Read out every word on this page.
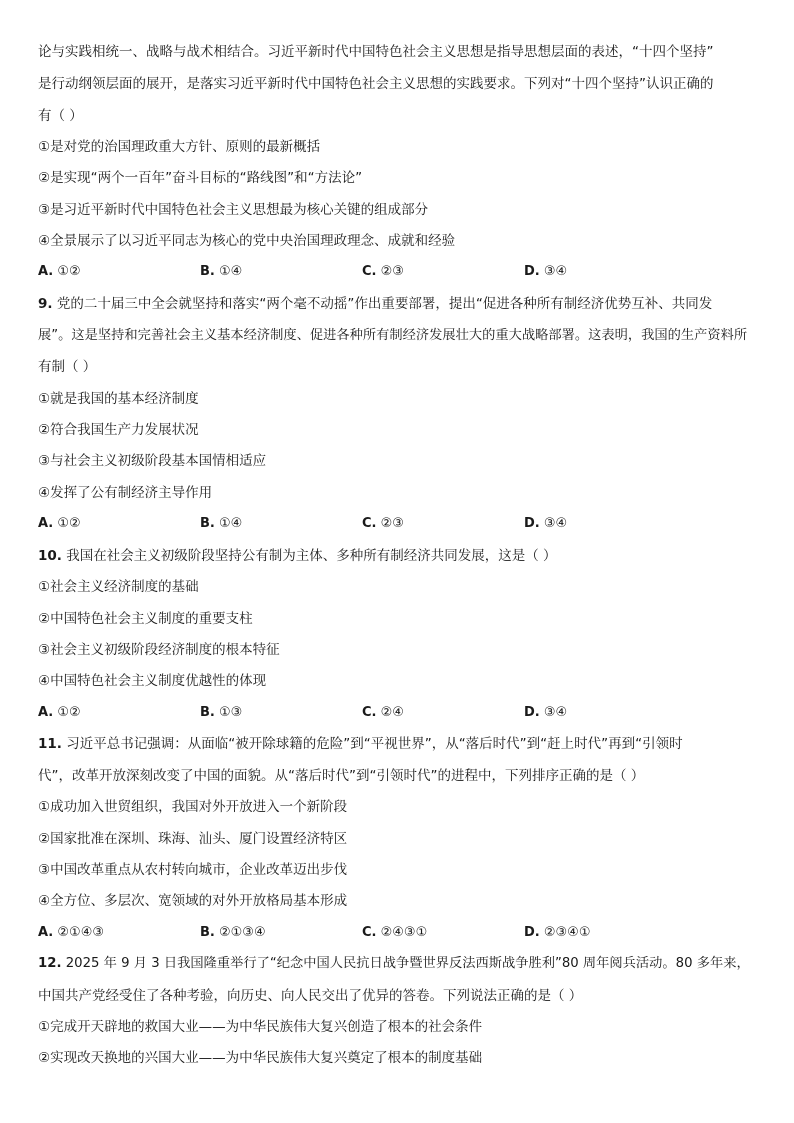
论与实践相统一、战略与战术相结合。习近平新时代中国特色社会主义思想是指导思想层面的表述，“十四个坚持”
是行动纲领层面的展开，是落实习近平新时代中国特色社会主义思想的实践要求。下列对“十四个坚持”认识正确的
有（ ）
①是对党的治国理政重大方针、原则的最新概括
②是实现“两个一百年”奋斗目标的“路线图”和“方法论”
③是习近平新时代中国特色社会主义思想最为核心关键的组成部分
④全景展示了以习近平同志为核心的党中央治国理政理念、成就和经验
A. ①②	B. ①④	C. ②③	D. ③④
9. 党的二十届三中全会就坚持和落实“两个毫不动摇”作出重要部署，提出“促进各种所有制经济优势互补、共同发
展”。这是坚持和完善社会主义基本经济制度、促进各种所有制经济发展壮大的重大战略部署。这表明，我国的生产资料所
有制（ ）
①就是我国的基本经济制度
②符合我国生产力发展状况
③与社会主义初级阶段基本国情相适应
④发挥了公有制经济主导作用
A. ①②	B. ①④	C. ②③	D. ③④
10. 我国在社会主义初级阶段坚持公有制为主体、多种所有制经济共同发展，这是（ ）
①社会主义经济制度的基础
②中国特色社会主义制度的重要支柱
③社会主义初级阶段经济制度的根本特征
④中国特色社会主义制度优越性的体现
A. ①②	B. ①③	C. ②④	D. ③④
11. 习近平总书记强调：从面临“被开除球籍的危险”到“平视世界”，从“落后时代”到“赶上时代”再到“引领时
代”，改革开放深刻改变了中国的面貌。从“落后时代”到“引领时代”的进程中，下列排序正确的是（ ）
①成功加入世贸组织，我国对外开放进入一个新阶段
②国家批准在深圳、珠海、汕头、厦门设置经济特区
③中国改革重点从农村转向城市，企业改革迈出步伐
④全方位、多层次、宽领域的对外开放格局基本形成
A. ②①④③	B. ②①③④	C. ②④③①	D. ②③④①
12. 2025 年 9 月 3 日我国隆重举行了“纪念中国人民抗日战争暨世界反法西斯战争胜利”80 周年阅兵活动。80 多年来，
中国共产党经受住了各种考验，向历史、向人民交出了优异的答卷。下列说法正确的是（ ）
①完成开天辟地的救国大业——为中华民族伟大复兴创造了根本的社会条件
②实现改天换地的兴国大业——为中华民族伟大复兴奠定了根本的制度基础
